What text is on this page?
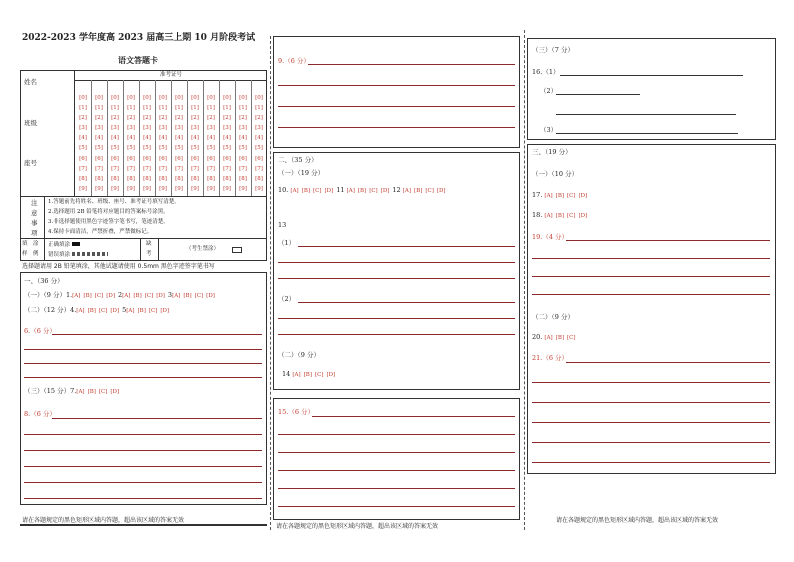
2022-2023 学年度高 2023 届高三上期 10 月阶段考试
语文答题卡
姓名
班级
座号
准考证号
[0]
[1]
[2]
[3]
[4]
[5]
[6]
[7]
[8]
[9]
[0]
[1]
[2]
[3]
[4]
[5]
[6]
[7]
[8]
[9]
[0]
[1]
[2]
[3]
[4]
[5]
[6]
[7]
[8]
[9]
[0]
[1]
[2]
[3]
[4]
[5]
[6]
[7]
[8]
[9]
[0]
[1]
[2]
[3]
[4]
[5]
[6]
[7]
[8]
[9]
[0]
[1]
[2]
[3]
[4]
[5]
[6]
[7]
[8]
[9]
[0]
[1]
[2]
[3]
[4]
[5]
[6]
[7]
[8]
[9]
[0]
[1]
[2]
[3]
[4]
[5]
[6]
[7]
[8]
[9]
[0]
[1]
[2]
[3]
[4]
[5]
[6]
[7]
[8]
[9]
[0]
[1]
[2]
[3]
[4]
[5]
[6]
[7]
[8]
[9]
[0]
[1]
[2]
[3]
[4]
[5]
[6]
[7]
[8]
[9]
[0]
[1]
[2]
[3]
[4]
[5]
[6]
[7]
[8]
[9]
注
意
事
项
1.答题前先将姓名、班级、座号、准考证号填写清楚。
2.选择题用 2B 铅笔将对应题目的答案标号涂黑。
3.非选择题使用黑色字迹签字笔书写，笔迹清楚。
4.保持卡面清洁，严禁折叠，严禁做标记。
填　涂
样　例
正确填涂
错误填涂
缺
考
（考生禁涂）
选择题请用 2B 铅笔填涂，其他试题请使用 0.5mm 黑色字迹签字笔书写
一、（36 分）
（一）（9 分）1.[A] [B] [C] [D] 2[A] [B] [C] [D] 3[A] [B] [C] [D]
（二）（12 分）4.[A] [B] [C] [D] 5[A] [B] [C] [D]
6.（6 分）
（三）（15 分）7.[A] [B] [C] [D]
8.（6 分）
请在各题规定的黑色矩形区域内答题，超出该区域的答案无效
9.（6 分）
二、（35 分）
（一）（19 分）
10. [A] [B] [C] [D] 11 [A] [B] [C] [D] 12 [A] [B] [C] [D]
13
（1）
（2）
（二）（9 分）
14 [A] [B] [C] [D]
15.（6 分）
请在各题规定的黑色矩形区域内答题，超出该区域的答案无效
（三）（7 分）
16.（1）
（2）
（3）
三、（19 分）
（一）（10 分）
17. [A] [B] [C] [D]
18. [A] [B] [C] [D]
19.（4 分）
（二）（9 分）
20. [A] [B] [C]
21.（6 分）
请在各题规定的黑色矩形区域内答题，超出该区域的答案无效
